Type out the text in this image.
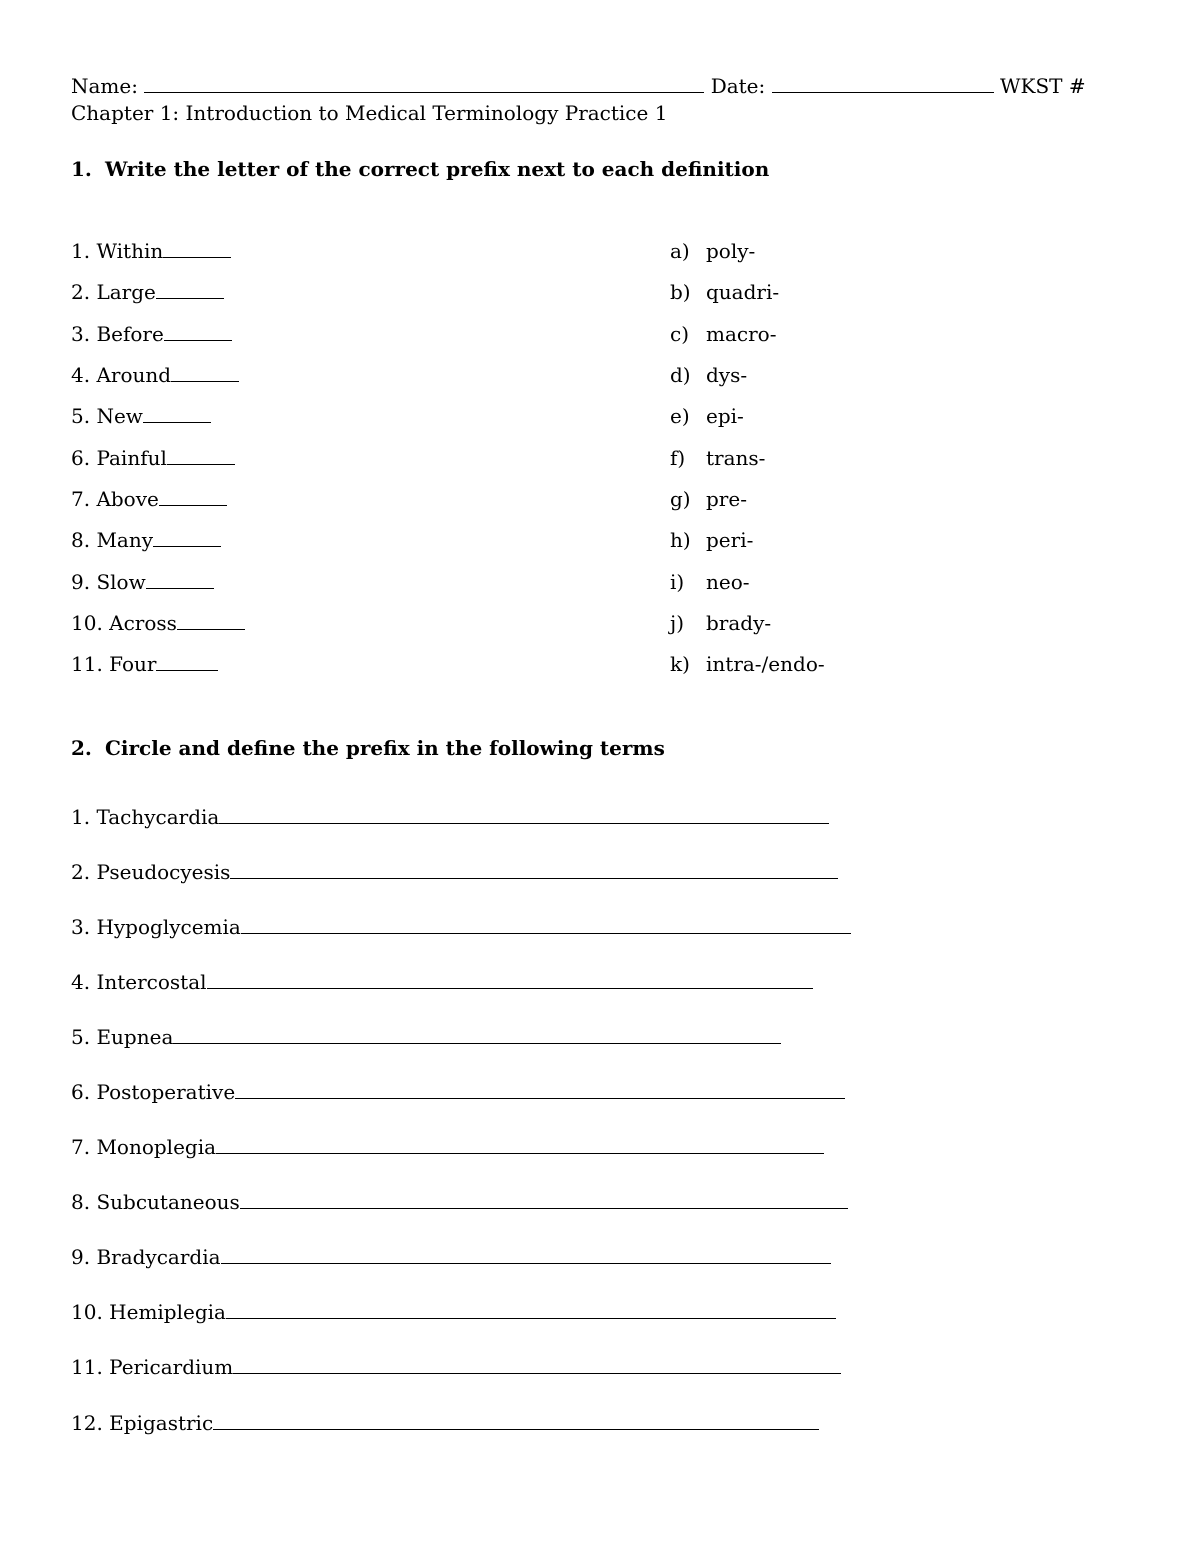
Name:	Date:	WKST #
Chapter 1: Introduction to Medical Terminology Practice 1
1. Write the letter of the correct prefix next to each definition
1. Within
2. Large
3. Before
4. Around
5. New
6. Painful
7. Above
8. Many
9. Slow
10. Across
11. Four
a) poly-
b) quadri-
c) macro-
d) dys-
e) epi-
f) trans-
g) pre-
h) peri-
i) neo-
j) brady-
k) intra-/endo-
2. Circle and define the prefix in the following terms
1. Tachycardia
2. Pseudocyesis
3. Hypoglycemia
4. Intercostal
5. Eupnea
6. Postoperative
7. Monoplegia
8. Subcutaneous
9. Bradycardia
10. Hemiplegia
11. Pericardium
12. Epigastric
